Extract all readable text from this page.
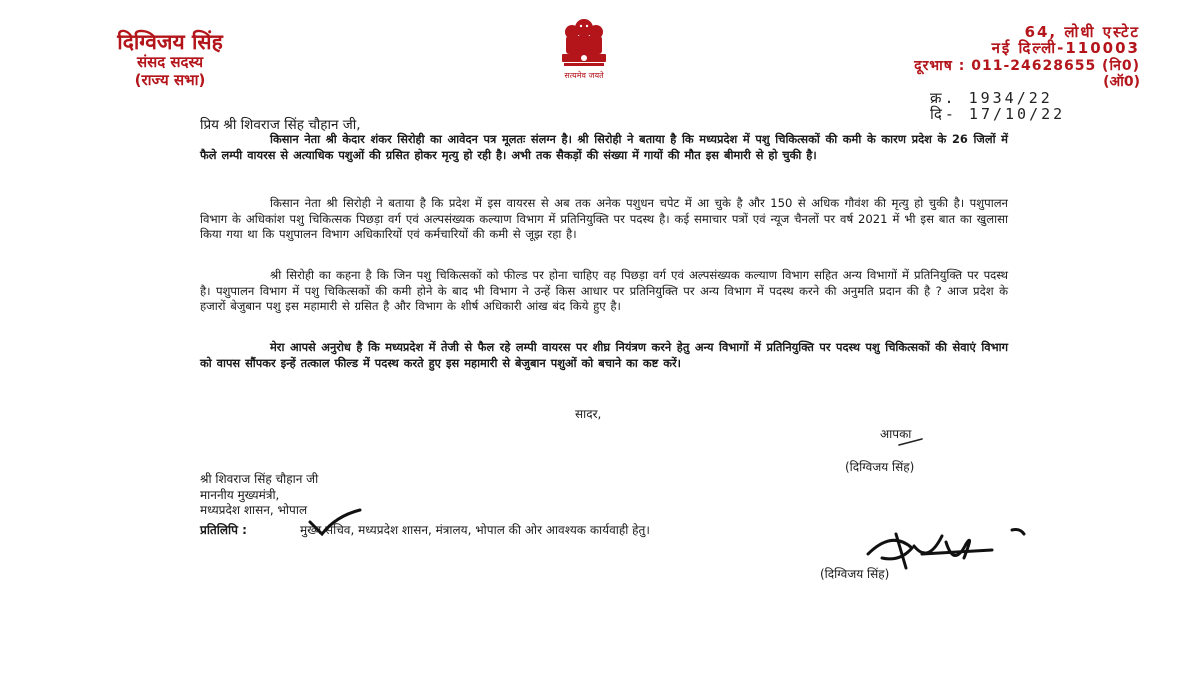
दिग्विजय सिंह
संसद सदस्य
(राज्य सभा)	सत्यमेव जयते
64, लोधी एस्टेट
नई दिल्ली-110003
दूरभाष : 011-24628655 (नि0)
(ऑ0)
क्र. 1934/22
दि- 17/10/22
प्रिय श्री शिवराज सिंह चौहान जी,
किसान नेता श्री केदार शंकर सिरोही का आवेदन पत्र मूलतः संलग्न है। श्री सिरोही ने बताया है कि मध्यप्रदेश में पशु चिकित्सकों की कमी के कारण प्रदेश के 26 जिलों में फैले लम्पी वायरस से अत्याधिक पशुओं की ग्रसित होकर मृत्यु हो रही है। अभी तक सैकड़ों की संख्या में गायों की मौत इस बीमारी से हो चुकी है।
किसान नेता श्री सिरोही ने बताया है कि प्रदेश में इस वायरस से अब तक अनेक पशुधन चपेट में आ चुके है और 150 से अधिक गौवंश की मृत्यु हो चुकी है। पशुपालन विभाग के अधिकांश पशु चिकित्सक पिछड़ा वर्ग एवं अल्पसंख्यक कल्याण विभाग में प्रतिनियुक्ति पर पदस्थ है। कई समाचार पत्रों एवं न्यूज चैनलों पर वर्ष 2021 में भी इस बात का खुलासा किया गया था कि पशुपालन विभाग अधिकारियों एवं कर्मचारियों की कमी से जूझ रहा है।
श्री सिरोही का कहना है कि जिन पशु चिकित्सकों को फील्ड पर होना चाहिए वह पिछड़ा वर्ग एवं अल्पसंख्यक कल्याण विभाग सहित अन्य विभागों में प्रतिनियुक्ति पर पदस्थ है। पशुपालन विभाग में पशु चिकित्सकों की कमी होने के बाद भी विभाग ने उन्हें किस आधार पर प्रतिनियुक्ति पर अन्य विभाग में पदस्थ करने की अनुमति प्रदान की है ? आज प्रदेश के हजारों बेजुबान पशु इस महामारी से ग्रसित है और विभाग के शीर्ष अधिकारी आंख बंद किये हुए है।
मेरा आपसे अनुरोध है कि मध्यप्रदेश में तेजी से फैल रहे लम्पी वायरस पर शीघ्र नियंत्रण करने हेतु अन्य विभागों में प्रतिनियुक्ति पर पदस्थ पशु चिकित्सकों की सेवाएं विभाग को वापस सौंपकर इन्हें तत्काल फील्ड में पदस्थ करते हुए इस महामारी से बेजुबान पशुओं को बचाने का कष्ट करें।
सादर,
आपका
(दिग्विजय सिंह)
श्री शिवराज सिंह चौहान जी
माननीय मुख्यमंत्री,
मध्यप्रदेश शासन, भोपाल
प्रतिलिपि :	मुख्य सचिव, मध्यप्रदेश शासन, मंत्रालय, भोपाल की ओर आवश्यक कार्यवाही हेतु।
(दिग्विजय सिंह)
